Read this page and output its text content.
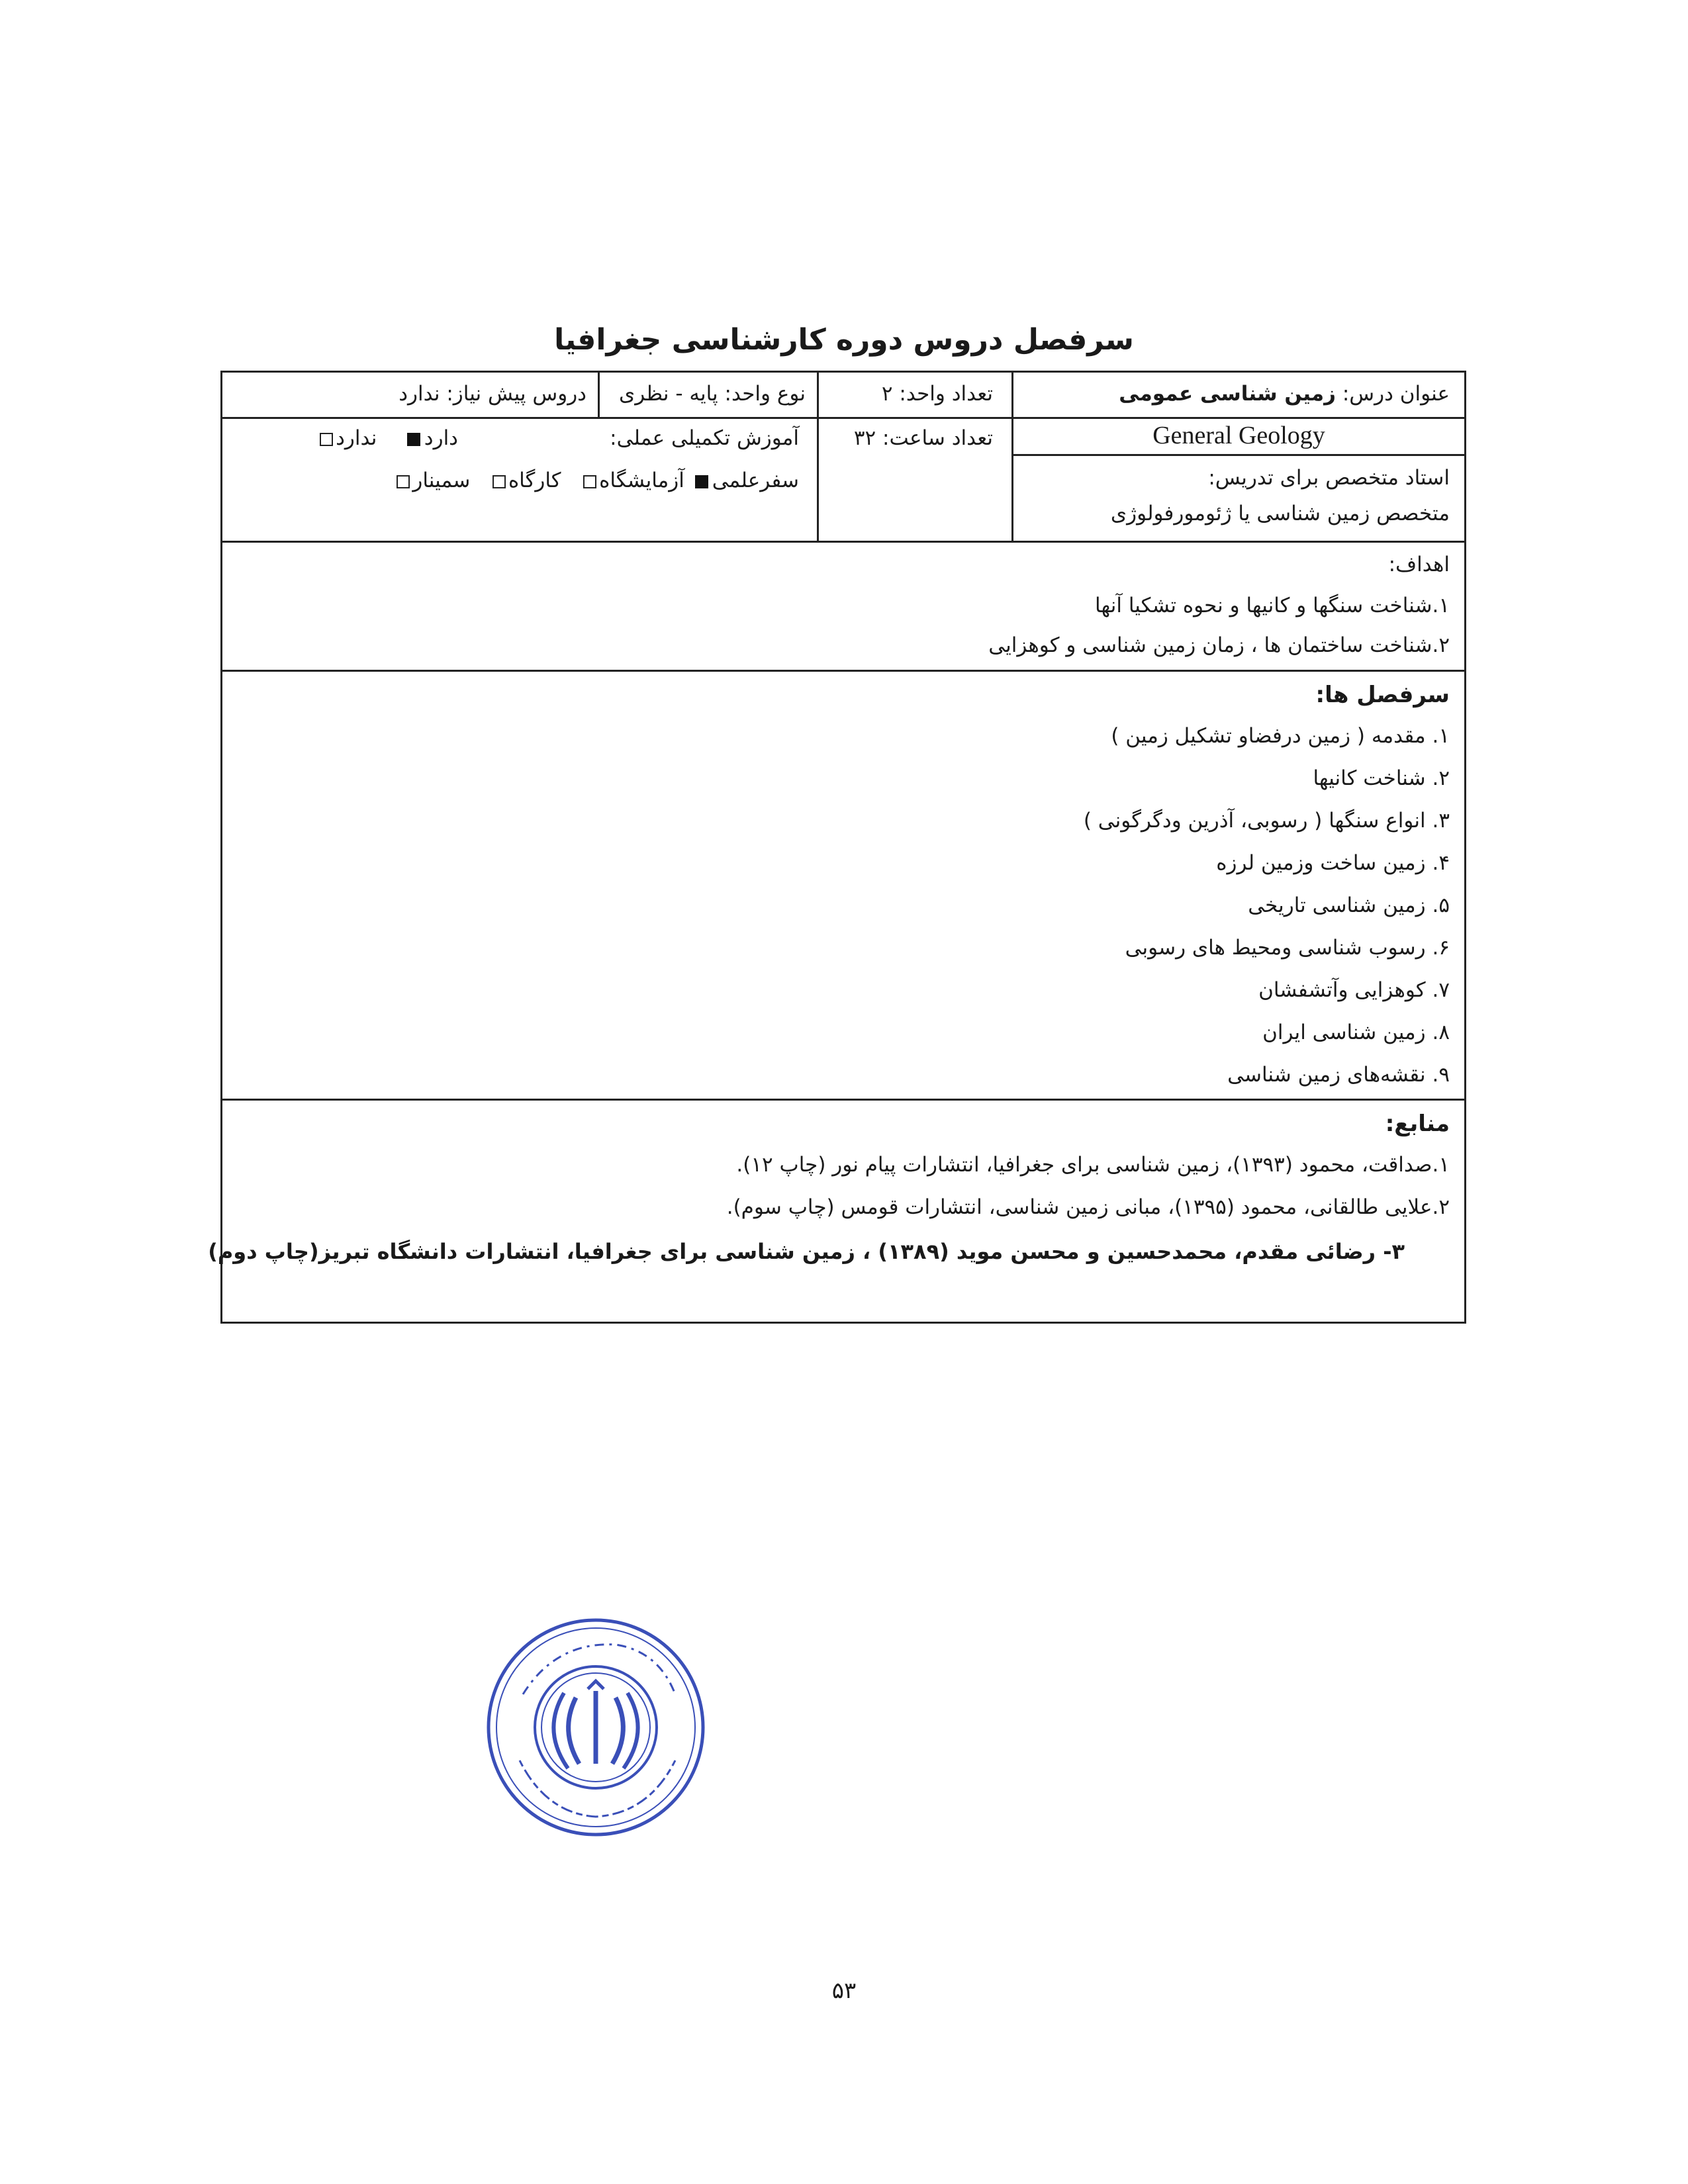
سرفصل دروس دوره کارشناسی جغرافیا
عنوان درس: زمین شناسی عمومی
تعداد واحد: ۲
نوع واحد: پایه - نظری
دروس پیش نیاز: ندارد
General Geology
استاد متخصص برای تدریس:
متخصص زمین شناسی یا ژئومورفولوژی
تعداد ساعت: ۳۲
آموزش تکمیلی عملی:
دارد    ندارد
سفرعلمی آزمایشگاه   کارگاه   سمینار
اهداف:
۱.شناخت سنگها و کانیها و نحوه تشکیا آنها
۲.شناخت ساختمان ها ، زمان زمین شناسی و کوهزایی
سرفصل ها:
۱. مقدمه ( زمین درفضاو تشکیل زمین )
۲. شناخت کانیها
۳. انواع سنگها ( رسوبی، آذرین ودگرگونی )
۴. زمین ساخت وزمین لرزه
۵. زمین شناسی تاریخی
۶. رسوب شناسی ومحیط های رسوبی
۷. کوهزایی وآتشفشان
۸. زمین شناسی ایران
۹. نقشه‌های زمین شناسی
منابع:
۱.صداقت، محمود (۱۳۹۳)، زمین شناسی برای جغرافیا، انتشارات پیام نور (چاپ ۱۲).
۲.علایی طالقانی، محمود (۱۳۹۵)، مبانی زمین شناسی، انتشارات قومس (چاپ سوم).
۳- رضائی مقدم، محمدحسین و محسن موید (۱۳۸۹) ، زمین شناسی برای جغرافیا، انتشارات دانشگاه تبریز(چاپ دوم)
۵۳
